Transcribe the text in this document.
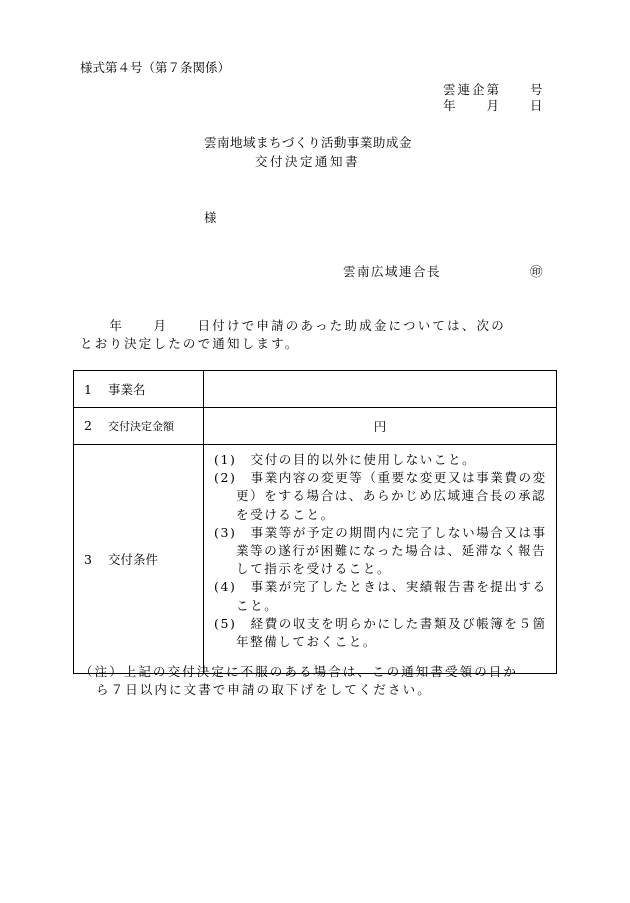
様式第４号（第７条関係）
雲連企第　　号
年　　月　　日
雲南地域まちづくり活動事業助成金
交付決定通知書
様
雲南広域連合長	㊞
　　年　　月　　日付けで申請のあった助成金については、次の
とおり決定したので通知します。
1 事業名	
2 交付決定金額	円
3 交付条件	(1)　交付の目的以外に使用しないこと。
(2)　事業内容の変更等（重要な変更又は事業費の変更）をする場合は、あらかじめ広域連合長の承認を受けること。
(3)　事業等が予定の期間内に完了しない場合又は事業等の遂行が困難になった場合は、延滞なく報告して指示を受けること。
(4)　事業が完了したときは、実績報告書を提出すること。
(5)　経費の収支を明らかにした書類及び帳簿を５箇年整備しておくこと。
（注）上記の交付決定に不服のある場合は、この通知書受領の日か
ら７日以内に文書で申請の取下げをしてください。
